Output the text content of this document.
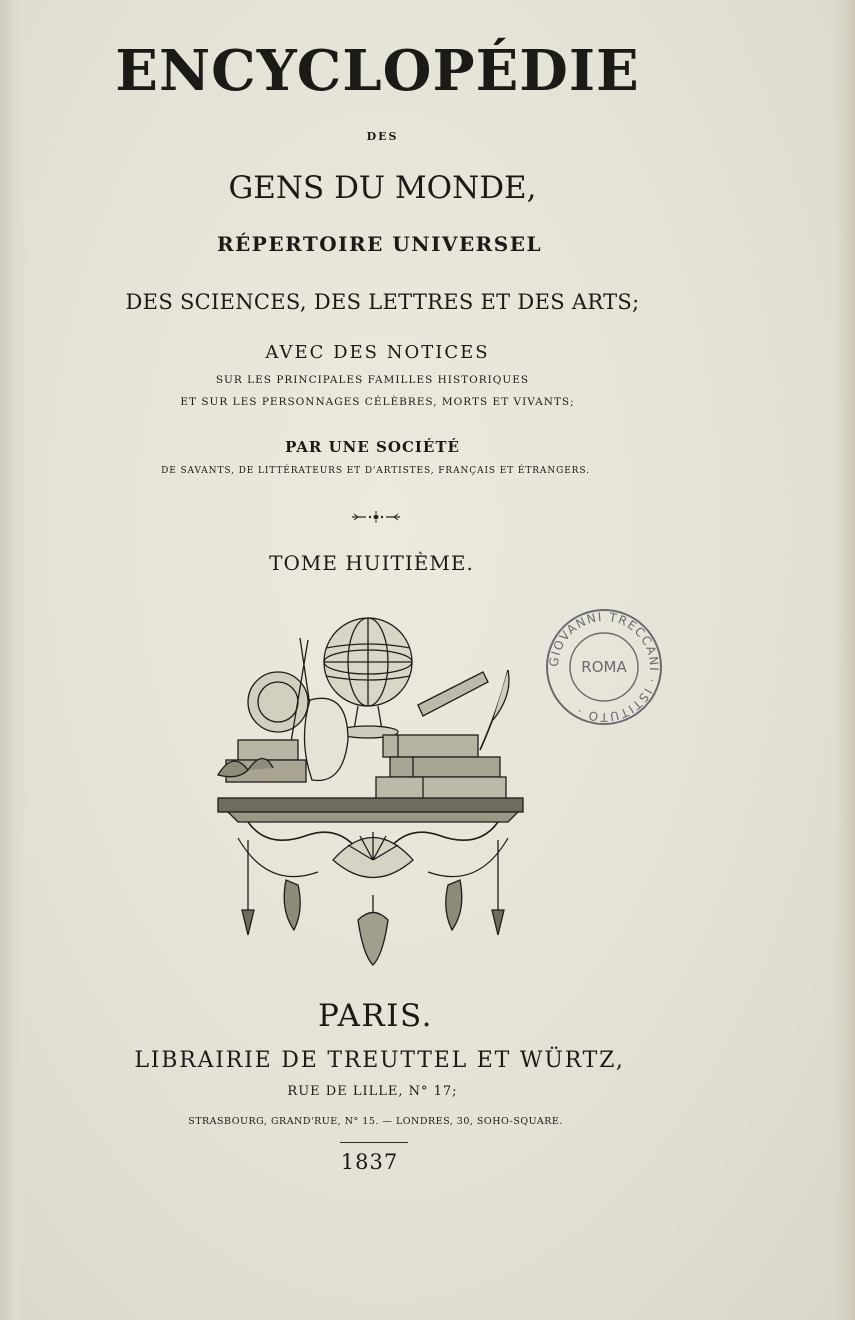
ENCYCLOPÉDIE
DES
GENS DU MONDE,
RÉPERTOIRE UNIVERSEL
DES SCIENCES, DES LETTRES ET DES ARTS;
AVEC DES NOTICES
SUR LES PRINCIPALES FAMILLES HISTORIQUES
ET SUR LES PERSONNAGES CÉLÈBRES, MORTS ET VIVANTS;
PAR UNE SOCIÉTÉ
DE SAVANTS, DE LITTÉRATEURS ET D'ARTISTES, FRANÇAIS ET ÉTRANGERS.
TOME HUITIÈME.
GIOVANNI TRECCANI · ISTITUTO ·
ROMA
PARIS.
LIBRAIRIE DE TREUTTEL ET WÜRTZ,
RUE DE LILLE, N° 17;
STRASBOURG, GRAND'RUE, N° 15. — LONDRES, 30, SOHO-SQUARE.
1837
